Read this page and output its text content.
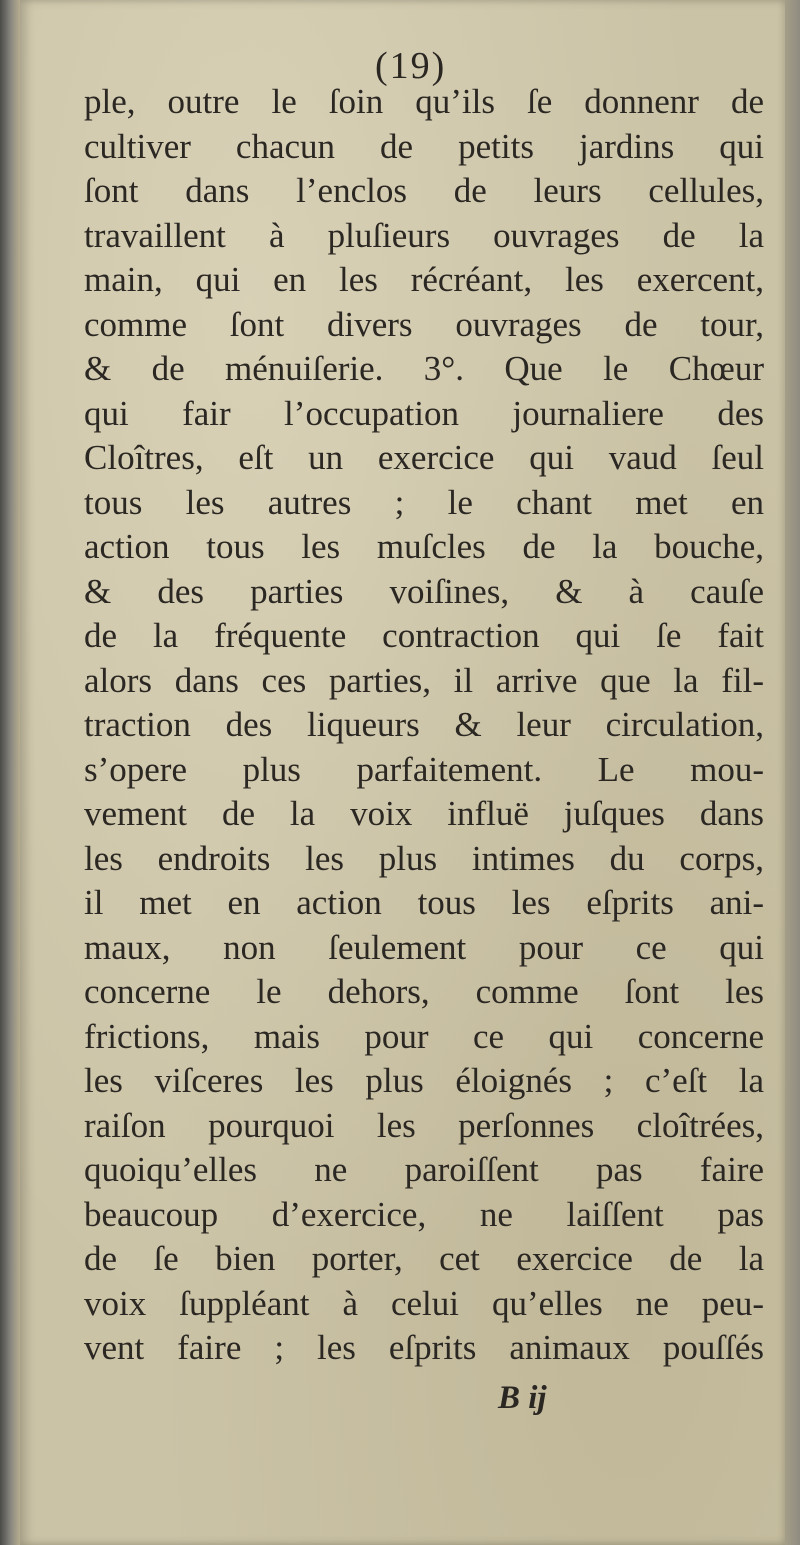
(19)
ple, outre le ſoin qu’ils ſe donnenr de
cultiver chacun de petits jardins qui
ſont dans l’enclos de leurs cellules,
travaillent à pluſieurs ouvrages de la
main, qui en les récréant, les exercent,
comme ſont divers ouvrages de tour,
& de ménuiſerie. 3°. Que le Chœur
qui fair l’occupation journaliere des
Cloîtres, eſt un exercice qui vaud ſeul
tous les autres ; le chant met en
action tous les muſcles de la bouche,
& des parties voiſines, & à cauſe
de la fréquente contraction qui ſe fait
alors dans ces parties, il arrive que la fil-
traction des liqueurs & leur circulation,
s’opere plus parfaitement. Le mou-
vement de la voix influë juſques dans
les endroits les plus intimes du corps,
il met en action tous les eſprits ani-
maux, non ſeulement pour ce qui
concerne le dehors, comme ſont les
frictions, mais pour ce qui concerne
les viſceres les plus éloignés ; c’eſt la
raiſon pourquoi les perſonnes cloîtrées,
quoiqu’elles ne paroiſſent pas faire
beaucoup d’exercice, ne laiſſent pas
de ſe bien porter, cet exercice de la
voix ſuppléant à celui qu’elles ne peu-
vent faire ; les eſprits animaux pouſſés
B ij
